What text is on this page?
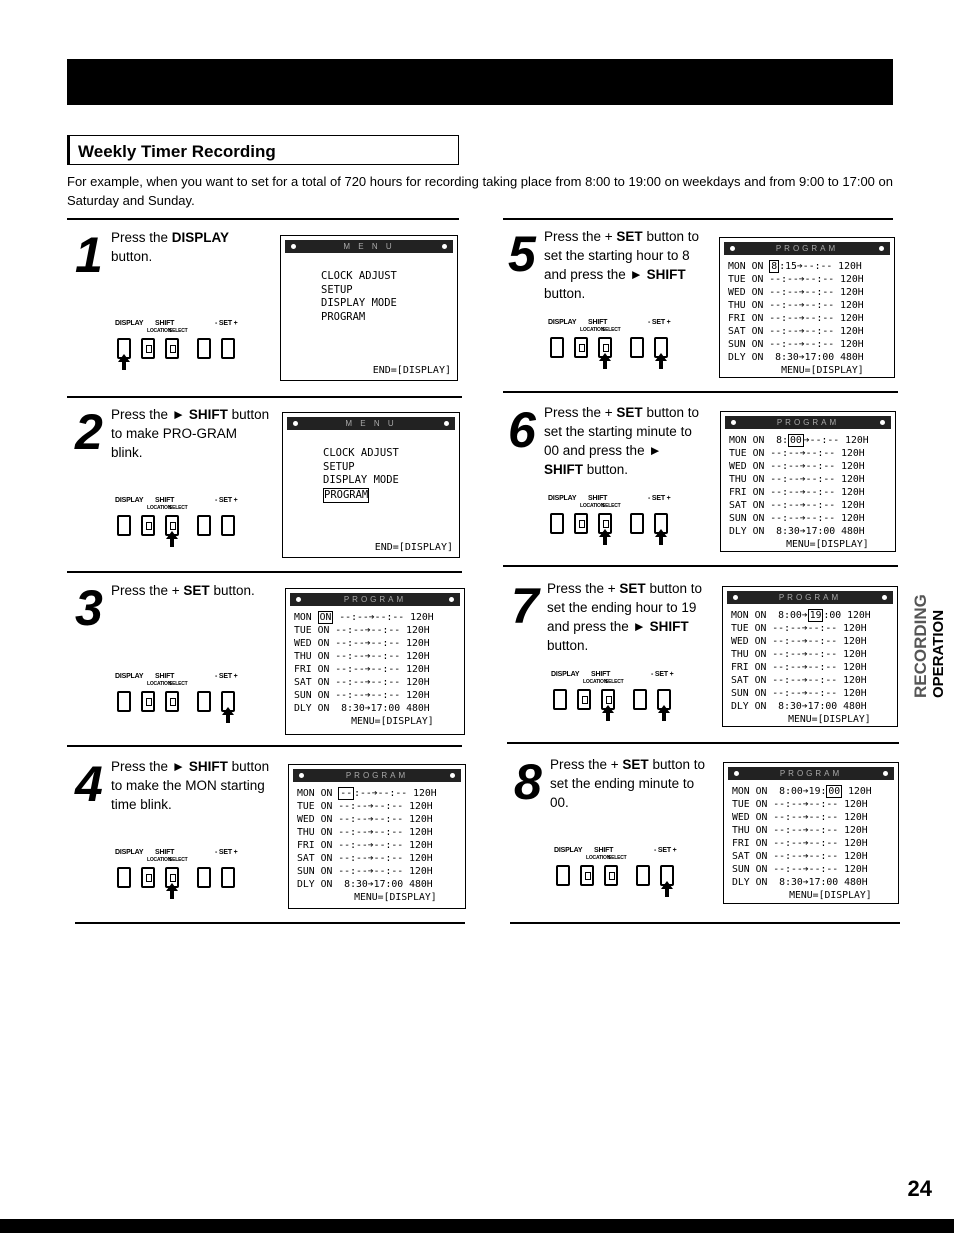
Weekly Timer Recording
For example, when you want to set for a total of 720 hours for recording taking place from 8:00 to 19:00 on weekdays and from 9:00 to 17:00 on Saturday and Sunday.
1 Press the DISPLAY button.
DISPLAY SHIFT	- SET +
LOCATION
SELECT
2 Press the ► SHIFT button to make PRO-GRAM blink.
DISPLAY SHIFT	- SET +
LOCATION
SELECT
3 Press the + SET button.
DISPLAY SHIFT	- SET +
LOCATION
SELECT
4 Press the ► SHIFT button to make the MON starting time blink.
DISPLAY SHIFT	- SET +
LOCATION
SELECT
5 Press the + SET button to set the starting hour to 8 and press the ► SHIFT button.
DISPLAY SHIFT	- SET +
LOCATION
SELECT
6 Press the + SET button to set the starting minute to 00 and press the ► SHIFT button.
DISPLAY SHIFT	- SET +
LOCATION
SELECT
7 Press the + SET button to set the ending hour to 19 and press the ► SHIFT button.
DISPLAY SHIFT	- SET +
LOCATION
SELECT
8 Press the + SET button to set the ending minute to 00.
DISPLAY SHIFT	- SET +
LOCATION
SELECT
M E N U
CLOCK ADJUST
SETUP
DISPLAY MODE
PROGRAM
END=[DISPLAY]
M E N U
CLOCK ADJUST
SETUP
DISPLAY MODE
PROGRAM
END=[DISPLAY]
PROGRAM
MON ON --:--➔--:-- 120H
TUE ON --:--➔--:-- 120H
WED ON --:--➔--:-- 120H
THU ON --:--➔--:-- 120H
FRI ON --:--➔--:-- 120H
SAT ON --:--➔--:-- 120H
SUN ON --:--➔--:-- 120H
DLY ON  8:30➔17:00 480H
MENU=[DISPLAY]
PROGRAM
MON ON -- :--➔--:-- 120H
TUE ON --:--➔--:-- 120H
WED ON --:--➔--:-- 120H
THU ON --:--➔--:-- 120H
FRI ON --:--➔--:-- 120H
SAT ON --:--➔--:-- 120H
SUN ON --:--➔--:-- 120H
DLY ON  8:30➔17:00 480H
MENU=[DISPLAY]
PROGRAM
MON ON 8 :15➔--:-- 120H
TUE ON --:--➔--:-- 120H
WED ON --:--➔--:-- 120H
THU ON --:--➔--:-- 120H
FRI ON --:--➔--:-- 120H
SAT ON --:--➔--:-- 120H
SUN ON --:--➔--:-- 120H
DLY ON  8:30➔17:00 480H
MENU=[DISPLAY]
PROGRAM
MON ON  8: 00 ➔--:-- 120H
TUE ON --:--➔--:-- 120H
WED ON --:--➔--:-- 120H
THU ON --:--➔--:-- 120H
FRI ON --:--➔--:-- 120H
SAT ON --:--➔--:-- 120H
SUN ON --:--➔--:-- 120H
DLY ON  8:30➔17:00 480H
MENU=[DISPLAY]
PROGRAM
MON ON  8:00➔ 19 :00 120H
TUE ON --:--➔--:-- 120H
WED ON --:--➔--:-- 120H
THU ON --:--➔--:-- 120H
FRI ON --:--➔--:-- 120H
SAT ON --:--➔--:-- 120H
SUN ON --:--➔--:-- 120H
DLY ON  8:30➔17:00 480H
MENU=[DISPLAY]
PROGRAM
MON ON  8:00➔19: 00 120H
TUE ON --:--➔--:-- 120H
WED ON --:--➔--:-- 120H
THU ON --:--➔--:-- 120H
FRI ON --:--➔--:-- 120H
SAT ON --:--➔--:-- 120H
SUN ON --:--➔--:-- 120H
DLY ON  8:30➔17:00 480H
MENU=[DISPLAY]
RECORDING OPERATION
24
